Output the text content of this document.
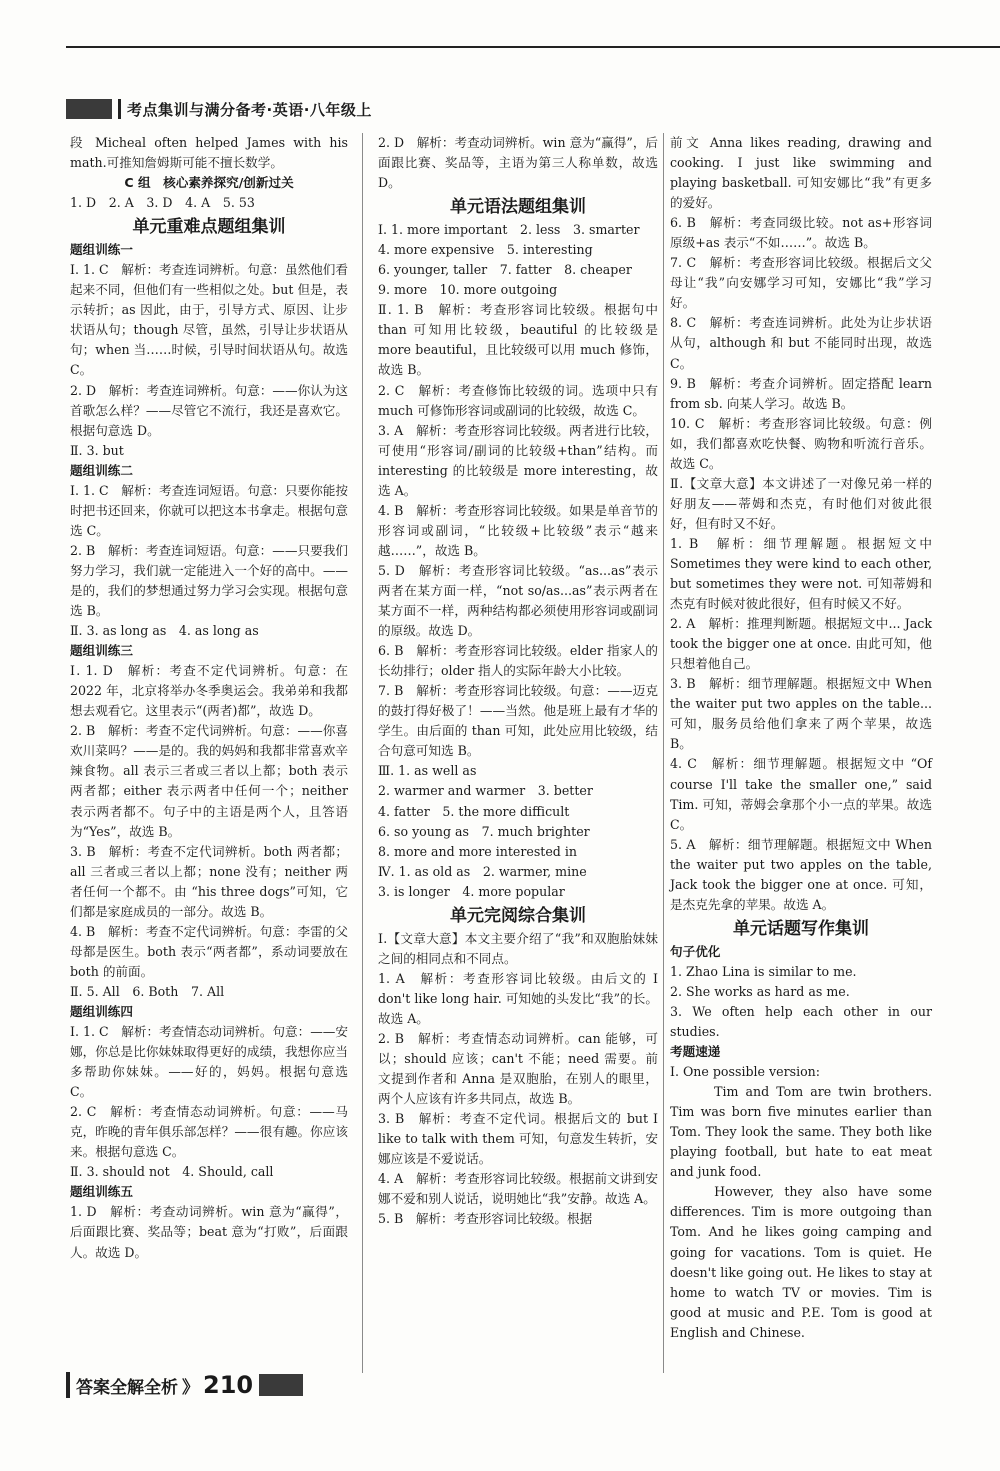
考点集训与满分备考·英语·八年级上

段 Micheal often helped James with his math.可推知詹姆斯可能不擅长数学。

C 组　核心素养探究/创新过关

1. D　2. A　3. D　4. A　5. 53

单元重难点题组集训
题组训练一

Ⅰ. 1. C　解析：考查连词辨析。句意：虽然他们看起来不同，但他们有一些相似之处。but 但是，表示转折；as 因此，由于，引导方式、原因、让步状语从句；though 尽管，虽然，引导让步状语从句；when 当……时候，引导时间状语从句。故选 C。

2. D　解析：考查连词辨析。句意：——你认为这首歌怎么样？——尽管它不流行，我还是喜欢它。根据句意选 D。

Ⅱ. 3. but

题组训练二

Ⅰ. 1. C　解析：考查连词短语。句意：只要你能按时把书还回来，你就可以把这本书拿走。根据句意选 C。

2. B　解析：考查连词短语。句意：——只要我们努力学习，我们就一定能进入一个好的高中。——是的，我们的梦想通过努力学习会实现。根据句意选 B。

Ⅱ. 3. as long as　4. as long as

题组训练三

Ⅰ. 1. D　解析：考查不定代词辨析。句意：在 2022 年，北京将举办冬季奥运会。我弟弟和我都想去观看它。这里表示“(两者)都”，故选 D。

2. B　解析：考查不定代词辨析。句意：——你喜欢川菜吗？——是的。我的妈妈和我都非常喜欢辛辣食物。all 表示三者或三者以上都；both 表示两者都；either 表示两者中任何一个；neither 表示两者都不。句子中的主语是两个人，且答语为“Yes”，故选 B。

3. B　解析：考查不定代词辨析。both 两者都；all 三者或三者以上都；none 没有；neither 两者任何一个都不。由 “his three dogs”可知，它们都是家庭成员的一部分。故选 B。

4. B　解析：考查不定代词辨析。句意：李雷的父母都是医生。both 表示“两者都”，系动词要放在 both 的前面。

Ⅱ. 5. All　6. Both　7. All

题组训练四

Ⅰ. 1. C　解析：考查情态动词辨析。句意：——安娜，你总是比你妹妹取得更好的成绩，我想你应当多帮助你妹妹。——好的，妈妈。根据句意选 C。

2. C　解析：考查情态动词辨析。句意：——马克，昨晚的青年俱乐部怎样？——很有趣。你应该来。根据句意选 C。

Ⅱ. 3. should not　4. Should, call

题组训练五

1. D　解析：考查动词辨析。win 意为“赢得”，后面跟比赛、奖品等；beat 意为“打败”，后面跟人。故选 D。

2. D　解析：考查动词辨析。win 意为“赢得”，后面跟比赛、奖品等，主语为第三人称单数，故选 D。

单元语法题组集训

Ⅰ. 1. more important　2. less　3. smarter

4. more expensive　5. interesting

6. younger, taller　7. fatter　8. cheaper

9. more　10. more outgoing

Ⅱ. 1. B　解析：考查形容词比较级。根据句中 than 可知用比较级，beautiful 的比较级是 more beautiful，且比较级可以用 much 修饰，故选 B。

2. C　解析：考查修饰比较级的词。选项中只有 much 可修饰形容词或副词的比较级，故选 C。

3. A　解析：考查形容词比较级。两者进行比较，可使用“形容词/副词的比较级+than”结构。而 interesting 的比较级是 more interesting，故选 A。

4. B　解析：考查形容词比较级。如果是单音节的形容词或副词，“比较级+比较级”表示“越来越……”，故选 B。

5. D　解析：考查形容词比较级。“as...as”表示两者在某方面一样，“not so/as...as”表示两者在某方面不一样，两种结构都必须使用形容词或副词的原级。故选 D。

6. B　解析：考查形容词比较级。elder 指家人的长幼排行；older 指人的实际年龄大小比较。

7. B　解析：考查形容词比较级。句意：——迈克的鼓打得好极了！——当然。他是班上最有才华的学生。由后面的 than 可知，此处应用比较级，结合句意可知选 B。

Ⅲ. 1. as well as

2. warmer and warmer　3. better

4. fatter　5. the more difficult

6. so young as　7. much brighter

8. more and more interested in

Ⅳ. 1. as old as　2. warmer, mine

3. is longer　4. more popular

单元完阅综合集训

Ⅰ.【文章大意】本文主要介绍了“我”和双胞胎妹妹之间的相同点和不同点。

1. A　解析：考查形容词比较级。由后文的 I don't like long hair. 可知她的头发比“我”的长。故选 A。

2. B　解析：考查情态动词辨析。can 能够，可以；should 应该；can't 不能；need 需要。前文提到作者和 Anna 是双胞胎，在别人的眼里，两个人应该有许多共同点，故选 B。

3. B　解析：考查不定代词。根据后文的 but I like to talk with them 可知，句意发生转折，安娜应该是不爱说话。

4. A　解析：考查形容词比较级。根据前文讲到安娜不爱和别人说话，说明她比“我”安静。故选 A。

5. B　解析：考查形容词比较级。根据

前文 Anna likes reading, drawing and cooking. I just like swimming and playing basketball. 可知安娜比“我”有更多的爱好。

6. B　解析：考查同级比较。not as+形容词原级+as 表示“不如……”。故选 B。

7. C　解析：考查形容词比较级。根据后文父母让“我”向安娜学习可知，安娜比“我”学习好。

8. C　解析：考查连词辨析。此处为让步状语从句，although 和 but 不能同时出现，故选 C。

9. B　解析：考查介词辨析。固定搭配 learn from sb. 向某人学习。故选 B。

10. C　解析：考查形容词比较级。句意：例如，我们都喜欢吃快餐、购物和听流行音乐。故选 C。

Ⅱ.【文章大意】本文讲述了一对像兄弟一样的好朋友——蒂姆和杰克，有时他们对彼此很好，但有时又不好。

1. B　解析：细节理解题。根据短文中 Sometimes they were kind to each other, but sometimes they were not. 可知蒂姆和杰克有时候对彼此很好，但有时候又不好。

2. A　解析：推理判断题。根据短文中... Jack took the bigger one at once. 由此可知，他只想着他自己。

3. B　解析：细节理解题。根据短文中 When the waiter put two apples on the table... 可知，服务员给他们拿来了两个苹果，故选 B。

4. C　解析：细节理解题。根据短文中 “Of course I'll take the smaller one,” said Tim. 可知，蒂姆会拿那个小一点的苹果。故选 C。

5. A　解析：细节理解题。根据短文中 When the waiter put two apples on the table, Jack took the bigger one at once. 可知，是杰克先拿的苹果。故选 A。

单元话题写作集训
句子优化

1. Zhao Lina is similar to me.

2. She works as hard as me.

3. We often help each other in our studies.

考题速递

Ⅰ. One possible version:

Tim and Tom are twin brothers. Tim was born five minutes earlier than Tom. They look the same. They both like playing football, but hate to eat meat and junk food.

However, they also have some differences. Tim is more outgoing than Tom. And he likes going camping and going for vacations. Tom is quiet. He doesn't like going out. He likes to stay at home to watch TV or movies. Tim is good at music and P.E. Tom is good at English and Chinese.

答案全解全析 》 210
